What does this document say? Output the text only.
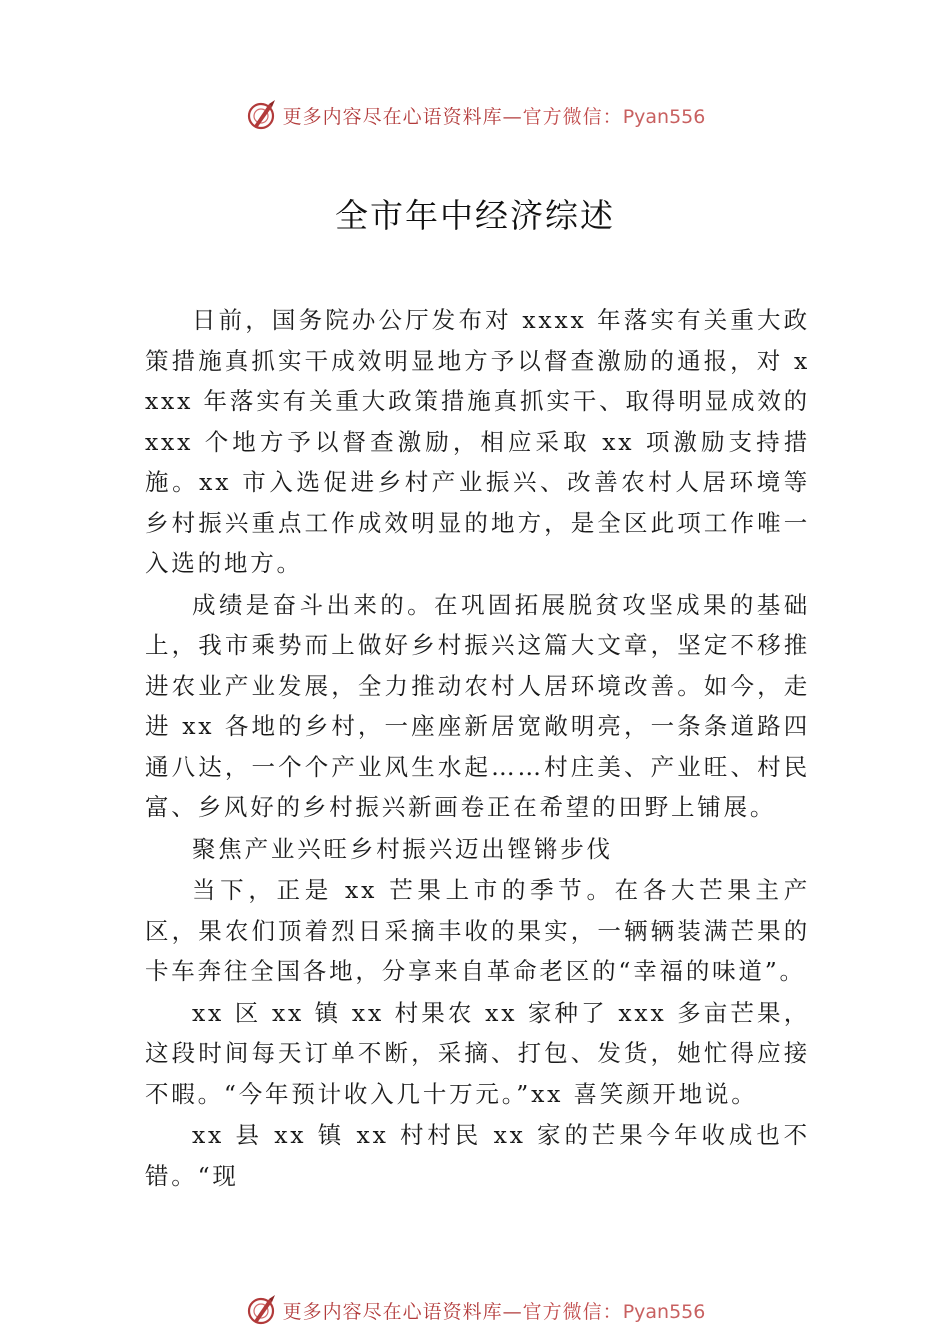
更多内容尽在心语资料库—官方微信：Pyan556
全市年中经济综述

日前，国务院办公厅发布对 xxxx 年落实有关重大政策措施真抓实干成效明显地方予以督查激励的通报，对 xxxx 年落实有关重大政策措施真抓实干、取得明显成效的 xxx 个地方予以督查激励，相应采取 xx 项激励支持措施。xx 市入选促进乡村产业振兴、改善农村人居环境等乡村振兴重点工作成效明显的地方，是全区此项工作唯一入选的地方。

成绩是奋斗出来的。在巩固拓展脱贫攻坚成果的基础上，我市乘势而上做好乡村振兴这篇大文章，坚定不移推进农业产业发展，全力推动农村人居环境改善。如今，走进 xx 各地的乡村，一座座新居宽敞明亮，一条条道路四通八达，一个个产业风生水起……村庄美、产业旺、村民富、乡风好的乡村振兴新画卷正在希望的田野上铺展。

聚焦产业兴旺乡村振兴迈出铿锵步伐

当下，正是 xx 芒果上市的季节。在各大芒果主产区，果农们顶着烈日采摘丰收的果实，一辆辆装满芒果的卡车奔往全国各地，分享来自革命老区的“幸福的味道”。

xx 区 xx 镇 xx 村果农 xx 家种了 xxx 多亩芒果，这段时间每天订单不断，采摘、打包、发货，她忙得应接不暇。“今年预计收入几十万元。”xx 喜笑颜开地说。

xx 县 xx 镇 xx 村村民 xx 家的芒果今年收成也不错。“现

更多内容尽在心语资料库—官方微信：Pyan556
